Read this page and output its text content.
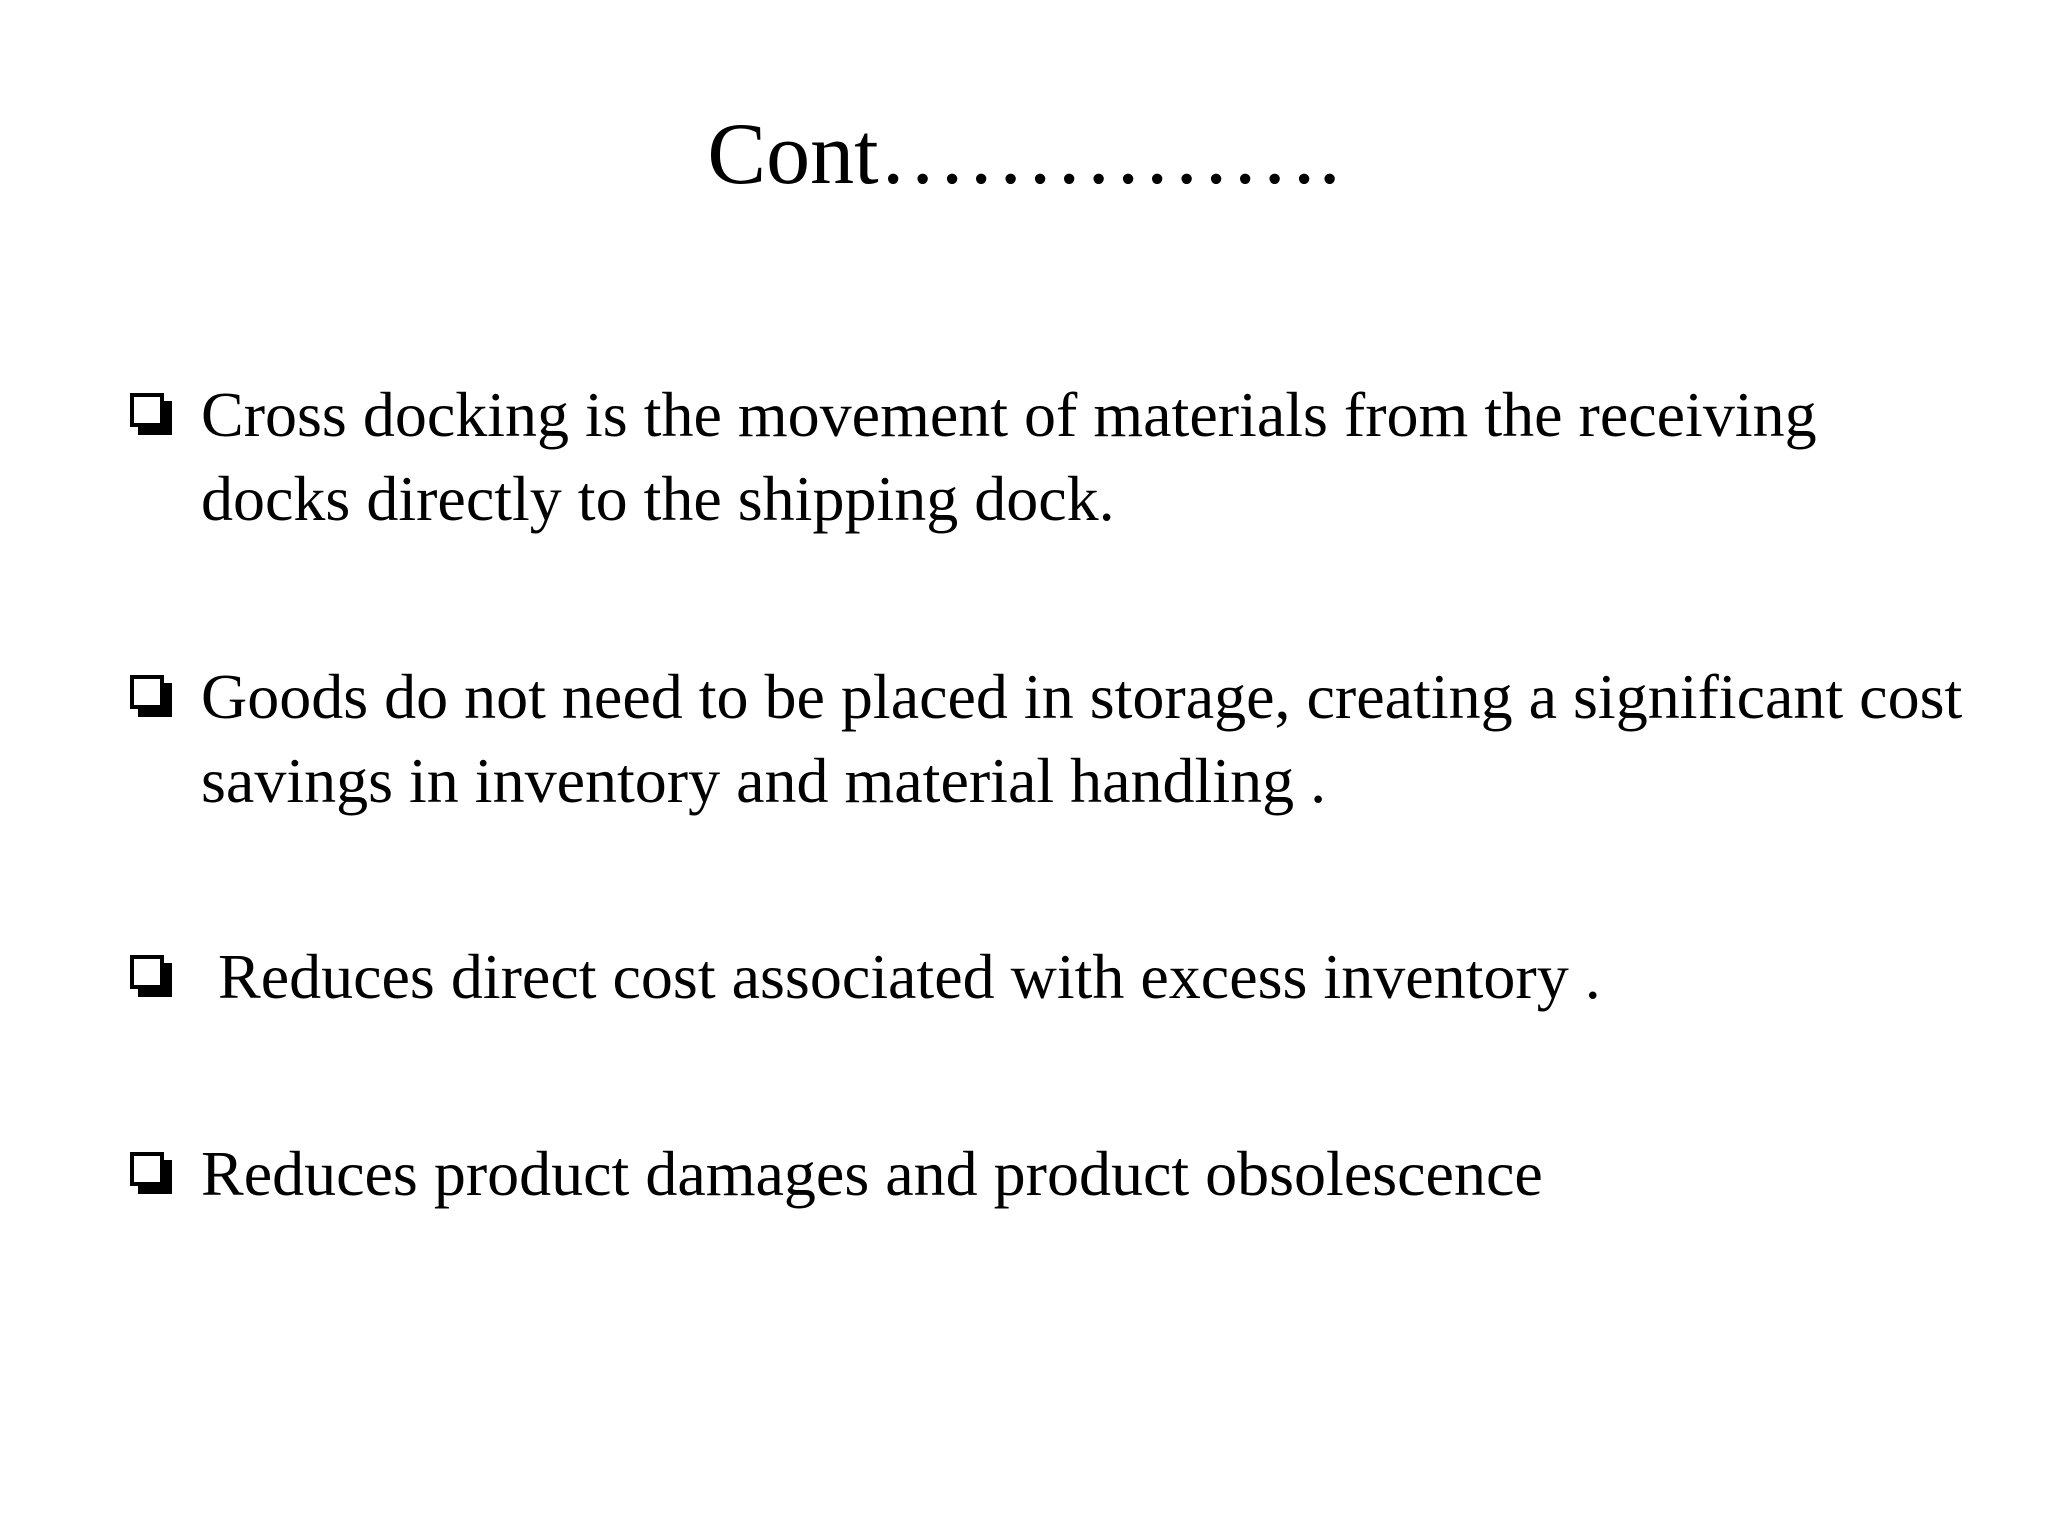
Cont…………….
Cross docking is the movement of materials from the receiving docks directly to the shipping dock.
Goods do not need to be placed in storage, creating a significant cost savings in inventory and material handling .
Reduces direct cost associated with excess inventory .
Reduces product damages and product obsolescence
